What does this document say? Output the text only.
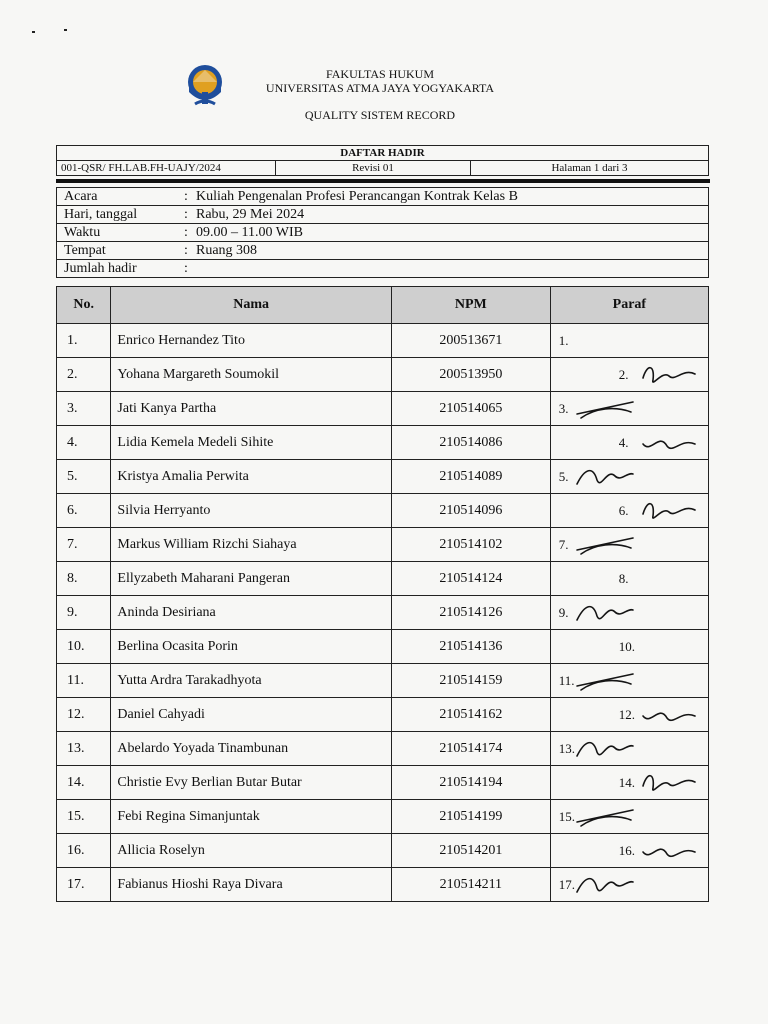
FAKULTAS HUKUM
UNIVERSITAS ATMA JAYA YOGYAKARTA
QUALITY SISTEM RECORD
DAFTAR HADIR
001-QSR/ FH.LAB.FH-UAJY/2024	Revisi 01	Halaman 1 dari 3
Acara	:	Kuliah Pengenalan Profesi Perancangan Kontrak Kelas B
Hari, tanggal	:	Rabu, 29 Mei 2024
Waktu	:	09.00 – 11.00 WIB
Tempat	:	Ruang 308
Jumlah hadir	:	
No.	Nama	NPM	Paraf
1.	Enrico Hernandez Tito	200513671	1.

2.	Yohana Margareth Soumokil	200513950	2.

3.	Jati Kanya Partha	210514065	3.

4.	Lidia Kemela Medeli Sihite	210514086	4.

5.	Kristya Amalia Perwita	210514089	5.

6.	Silvia Herryanto	210514096	6.

7.	Markus William Rizchi Siahaya	210514102	7.

8.	Ellyzabeth Maharani Pangeran	210514124	8.

9.	Aninda Desiriana	210514126	9.

10.	Berlina Ocasita Porin	210514136	10.

11.	Yutta Ardra Tarakadhyota	210514159	11.

12.	Daniel Cahyadi	210514162	12.

13.	Abelardo Yoyada Tinambunan	210514174	13.

14.	Christie Evy Berlian Butar Butar	210514194	14.

15.	Febi Regina Simanjuntak	210514199	15.

16.	Allicia Roselyn	210514201	16.

17.	Fabianus Hioshi Raya Divara	210514211	17.
